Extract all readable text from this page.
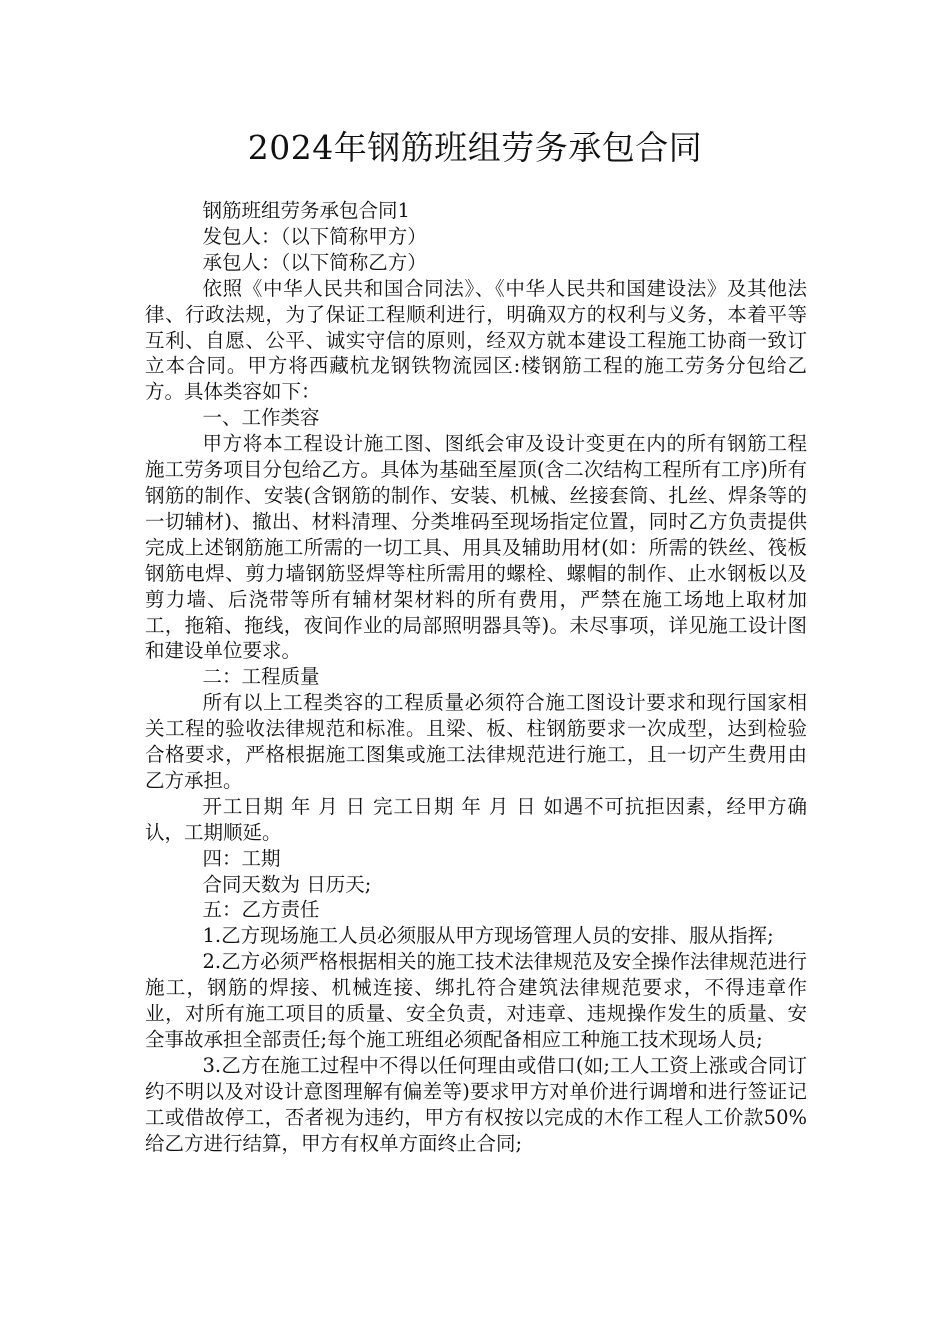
2024年钢筋班组劳务承包合同

钢筋班组劳务承包合同1

发包人：（以下简称甲方）

承包人：（以下简称乙方）

依照《中华人民共和国合同法》、《中华人民共和国建设法》及其他法律、行政法规，为了保证工程顺利进行，明确双方的权利与义务，本着平等互利、自愿、公平、诚实守信的原则，经双方就本建设工程施工协商一致订立本合同。甲方将西藏杭龙钢铁物流园区:楼钢筋工程的施工劳务分包给乙方。具体类容如下：

一、工作类容

甲方将本工程设计施工图、图纸会审及设计变更在内的所有钢筋工程施工劳务项目分包给乙方。具体为基础至屋顶(含二次结构工程所有工序)所有钢筋的制作、安装(含钢筋的制作、安装、机械、丝接套筒、扎丝、焊条等的一切辅材)、撤出、材料清理、分类堆码至现场指定位置，同时乙方负责提供完成上述钢筋施工所需的一切工具、用具及辅助用材(如：所需的铁丝、筏板钢筋电焊、剪力墙钢筋竖焊等柱所需用的螺栓、螺帽的制作、止水钢板以及剪力墙、后浇带等所有辅材架材料的所有费用，严禁在施工场地上取材加工，拖箱、拖线，夜间作业的局部照明器具等)。未尽事项，详见施工设计图和建设单位要求。

二：工程质量

所有以上工程类容的工程质量必须符合施工图设计要求和现行国家相关工程的验收法律规范和标准。且梁、板、柱钢筋要求一次成型，达到检验合格要求，严格根据施工图集或施工法律规范进行施工，且一切产生费用由乙方承担。

开工日期 年 月 日 完工日期 年 月 日 如遇不可抗拒因素，经甲方确认，工期顺延。

四：工期

合同天数为 日历天;

五：乙方责任

1.乙方现场施工人员必须服从甲方现场管理人员的安排、服从指挥;

2.乙方必须严格根据相关的施工技术法律规范及安全操作法律规范进行施工，钢筋的焊接、机械连接、绑扎符合建筑法律规范要求，不得违章作业，对所有施工项目的质量、安全负责，对违章、违规操作发生的质量、安全事故承担全部责任;每个施工班组必须配备相应工种施工技术现场人员;

3.乙方在施工过程中不得以任何理由或借口(如;工人工资上涨或合同订约不明以及对设计意图理解有偏差等)要求甲方对单价进行调增和进行签证记工或借故停工，否者视为违约，甲方有权按以完成的木作工程人工价款50%给乙方进行结算，甲方有权单方面终止合同;
